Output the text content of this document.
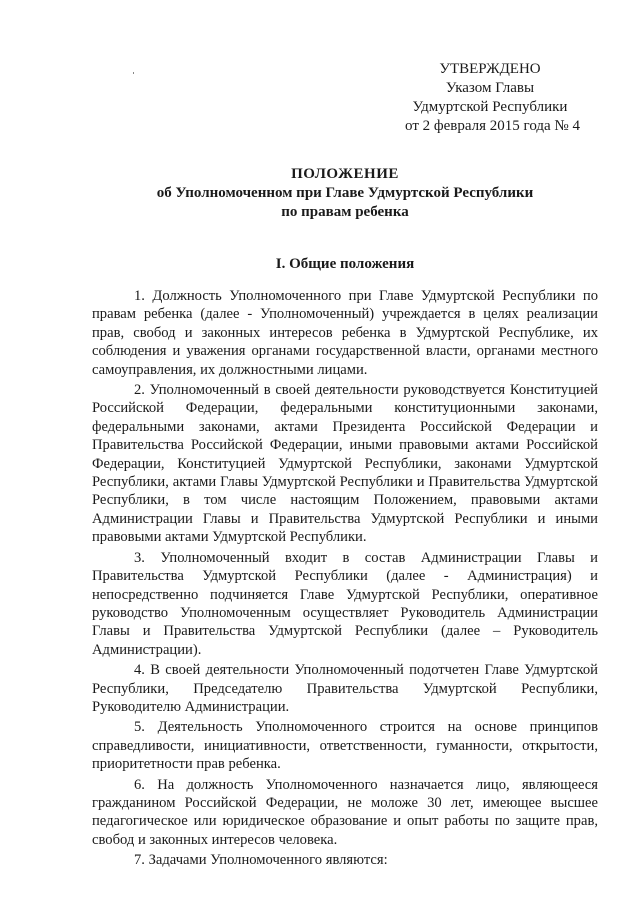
УТВЕРЖДЕНО
Указом Главы
Удмуртской Республики
от 2 февраля 2015 года № 4
ПОЛОЖЕНИЕ
об Уполномоченном при Главе Удмуртской Республики
по правам ребенка
I. Общие положения

1. Должность Уполномоченного при Главе Удмуртской Республики по правам ребенка (далее - Уполномоченный) учреждается в целях реализации прав, свобод и законных интересов ребенка в Удмуртской Республике, их соблюдения и уважения органами государственной власти, органами местного самоуправления, их должностными лицами.

2. Уполномоченный в своей деятельности руководствуется Конституцией Российской Федерации, федеральными конституционными законами, федеральными законами, актами Президента Российской Федерации и Правительства Российской Федерации, иными правовыми актами Российской Федерации, Конституцией Удмуртской Республики, законами Удмуртской Республики, актами Главы Удмуртской Республики и Правительства Удмуртской Республики, в том числе настоящим Положением, правовыми актами Администрации Главы и Правительства Удмуртской Республики и иными правовыми актами Удмуртской Республики.

3. Уполномоченный входит в состав Администрации Главы и Правительства Удмуртской Республики (далее - Администрация) и непосредственно подчиняется Главе Удмуртской Республики, оперативное руководство Уполномоченным осуществляет Руководитель Администрации Главы и Правительства Удмуртской Республики (далее – Руководитель Администрации).

4. В своей деятельности Уполномоченный подотчетен Главе Удмуртской Республики, Председателю Правительства Удмуртской Республики, Руководителю Администрации.

5. Деятельность Уполномоченного строится на основе принципов справедливости, инициативности, ответственности, гуманности, открытости, приоритетности прав ребенка.

6. На должность Уполномоченного назначается лицо, являющееся гражданином Российской Федерации, не моложе 30 лет, имеющее высшее педагогическое или юридическое образование и опыт работы по защите прав, свобод и законных интересов человека.

7. Задачами Уполномоченного являются:
